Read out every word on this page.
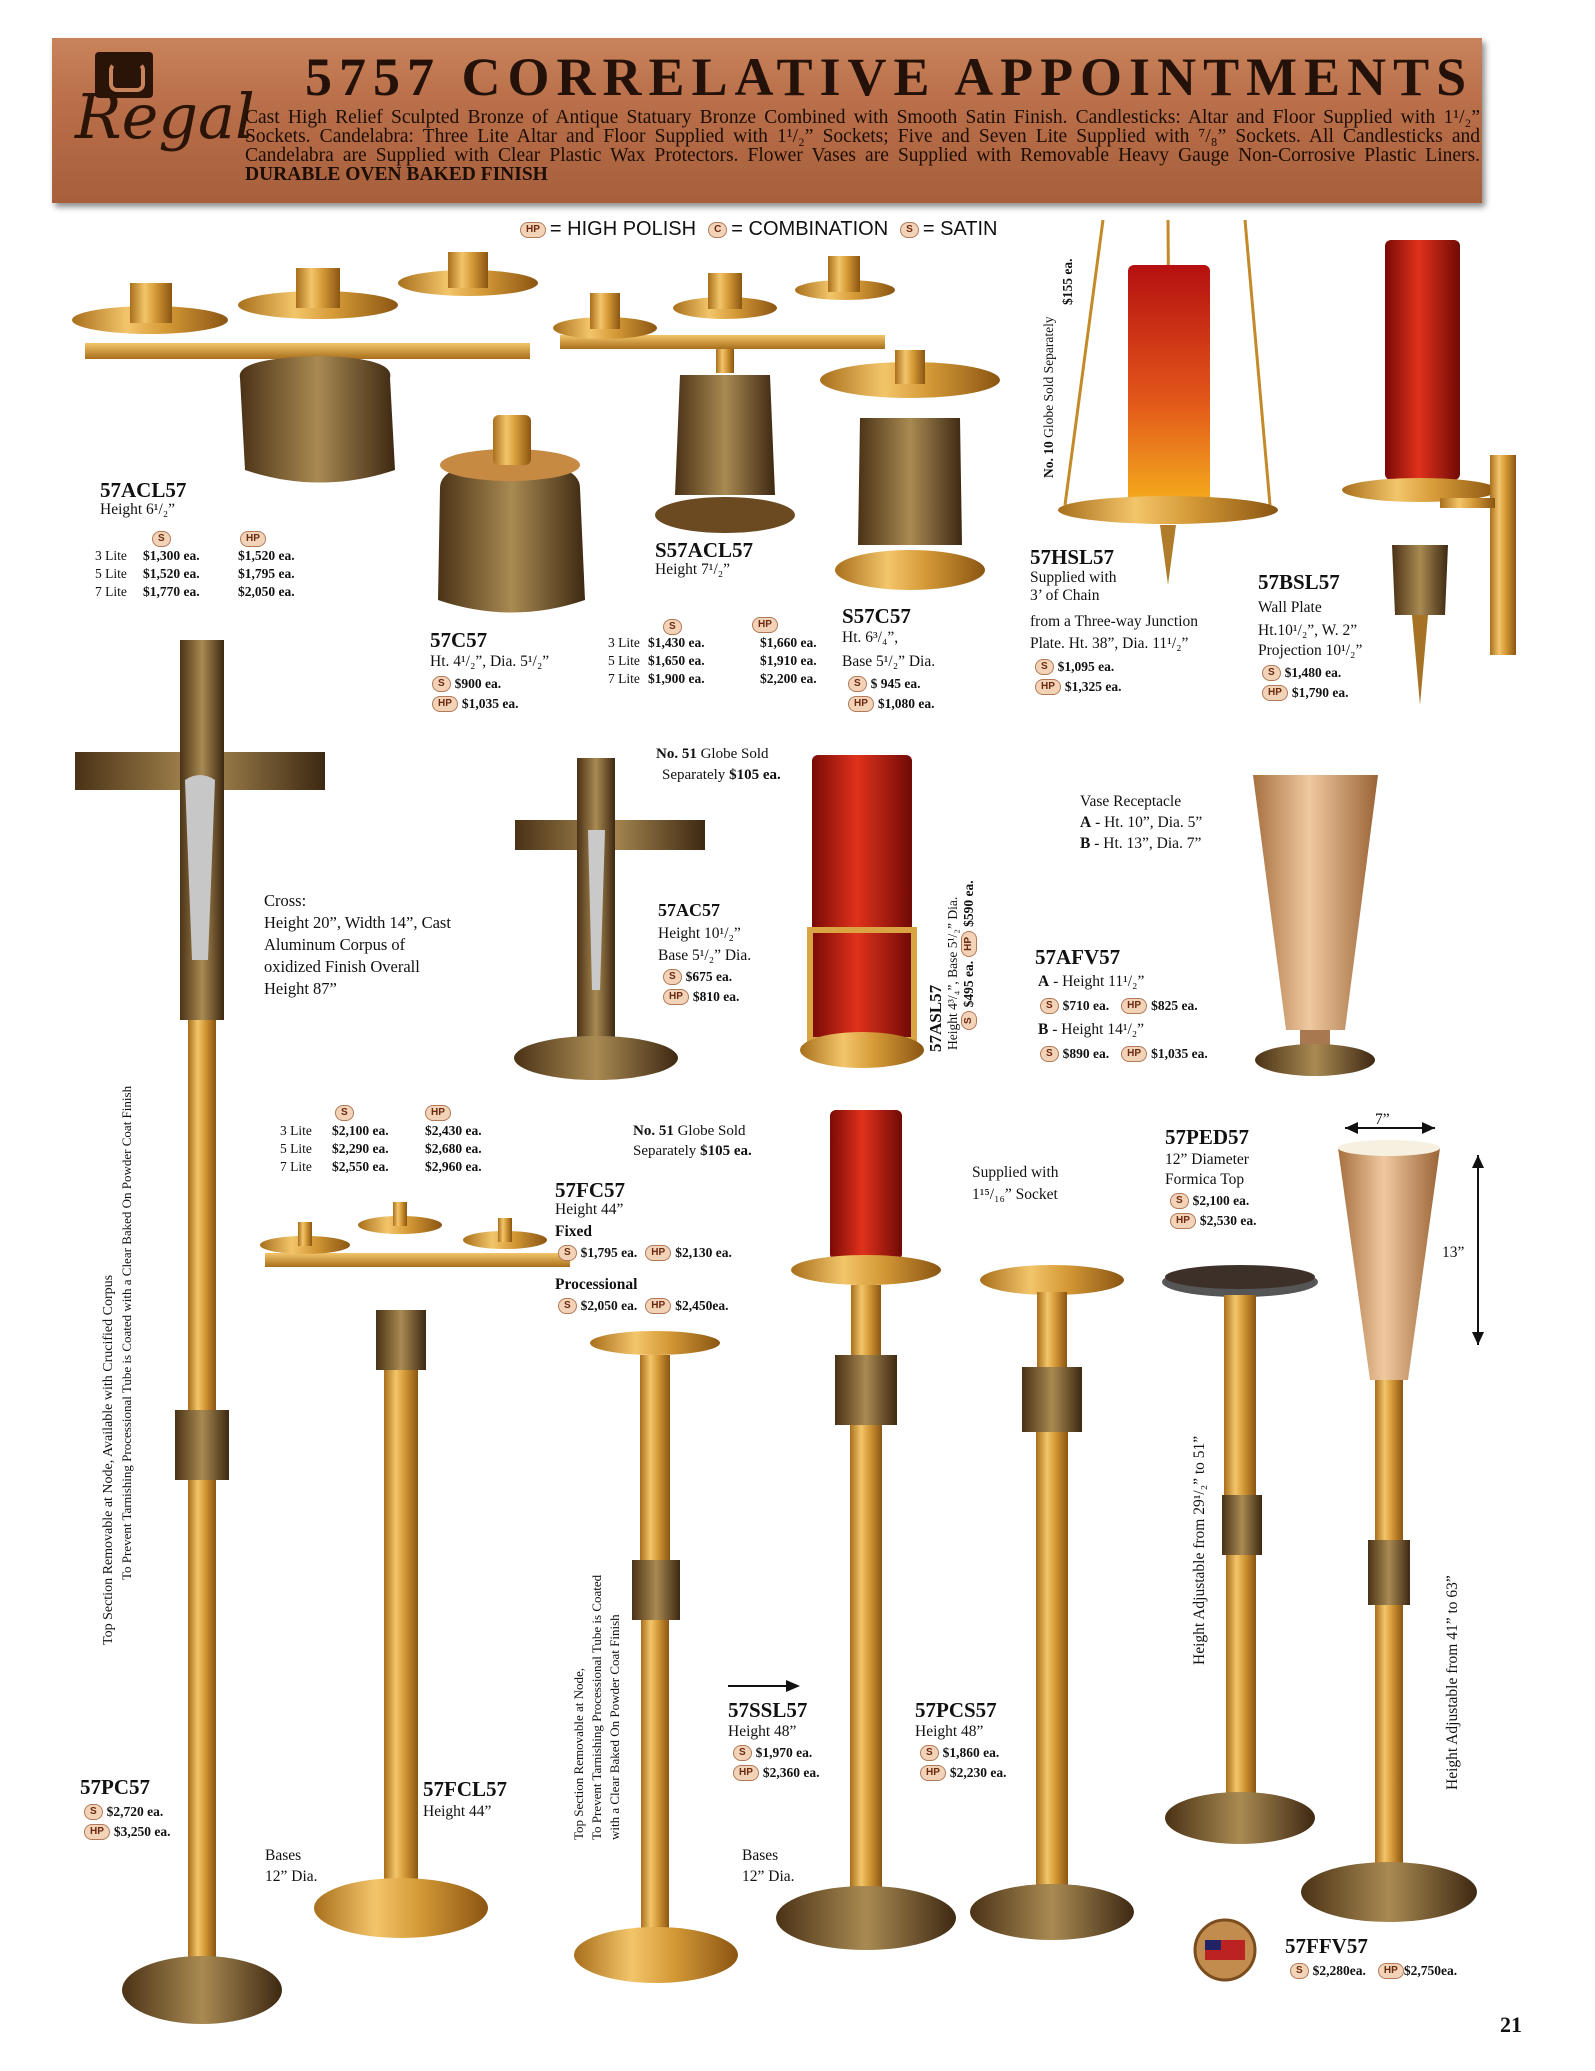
Regal
5757 CORRELATIVE APPOINTMENTS
Cast High Relief Sculpted Bronze of Antique Statuary Bronze Combined with Smooth Satin Finish. Candlesticks: Altar and Floor Supplied with 1¹/₂” Sockets. Candelabra: Three Lite Altar and Floor Supplied with 1¹/₂” Sockets; Five and Seven Lite Supplied with ⁷/₈” Sockets. All Candlesticks and Candelabra are Supplied with Clear Plastic Wax Protectors. Flower Vases are Supplied with Removable Heavy Gauge Non-Corrosive Plastic Liners. DURABLE OVEN BAKED FINISH
HP = HIGH POLISH C = COMBINATION S = SATIN
57ACL57
Height 6¹/₂”
S	HP
3 Lite $1,300 ea.	$1,520 ea.
5 Lite $1,520 ea.	$1,795 ea.
7 Lite $1,770 ea.	$2,050 ea.
57C57
Ht. 4¹/₂”, Dia. 5¹/₂”
S $900 ea.
HP $1,035 ea.
S57ACL57
Height 7¹/₂”
S	HP
3 Lite $1,430 ea.	$1,660 ea.
5 Lite $1,650 ea.	$1,910 ea.
7 Lite $1,900 ea.	$2,200 ea.
S57C57
Ht. 6³/₄”,
Base 5¹/₂” Dia.
S $ 945 ea.
HP $1,080 ea.
No. 10 Globe Sold Separately
$155 ea.
57HSL57
Supplied with
3’ of Chain
from a Three-way Junction
Plate. Ht. 38”, Dia. 11¹/₂”
S $1,095 ea.
HP $1,325 ea.
57BSL57
Wall Plate
Ht.10¹/₂”, W. 2”
Projection 10¹/₂”
S $1,480 ea.
HP $1,790 ea.
Cross:
Height 20”, Width 14”, Cast
Aluminum Corpus of
oxidized Finish Overall
Height 87”
57AC57
Height 10¹/₂”
Base 5¹/₂” Dia.
S $675 ea.
HP $810 ea.
No. 51 Globe Sold
Separately $105 ea.
57ASL57 Height 4³/₄”, Base 5¹/₂” Dia. S $495 ea. HP $590 ea.
Vase Receptacle
A - Ht. 10”, Dia. 5”
B - Ht. 13”, Dia. 7”
57AFV57
A - Height 11¹/₂”
S $710 ea. HP $825 ea.
B - Height 14¹/₂”
S $890 ea. HP $1,035 ea.
Top Section Removable at Node, Available with Crucified Corpus To Prevent Tarnishing Processional Tube is Coated with a Clear Baked On Powder Coat Finish
57PC57
S $2,720 ea.
HP $3,250 ea.
S	HP
3 Lite $2,100 ea.	$2,430 ea.
5 Lite $2,290 ea.	$2,680 ea.
7 Lite $2,550 ea.	$2,960 ea.
57FCL57
Height 44”
Bases
12” Dia.
57FC57
Height 44”
Fixed
S $1,795 ea. HP $2,130 ea.
Processional
S $2,050 ea. HP $2,450ea.
Top Section Removable at Node, To Prevent Tarnishing Processional Tube is Coated with a Clear Baked On Powder Coat Finish
No. 51 Globe Sold
Separately $105 ea.
57SSL57
Height 48”
S $1,970 ea.
HP $2,360 ea.
Bases
12” Dia.
Supplied with
1¹⁵/₁₆” Socket
57PCS57
Height 48”
S $1,860 ea.
HP $2,230 ea.
57PED57
12” Diameter
Formica Top
S $2,100 ea.
HP $2,530 ea.
Height Adjustable from 29¹/₂” to 51”
7”
13”
Height Adjustable from 41” to 63”
57FFV57
S $2,280ea. HP $2,750ea.
21
